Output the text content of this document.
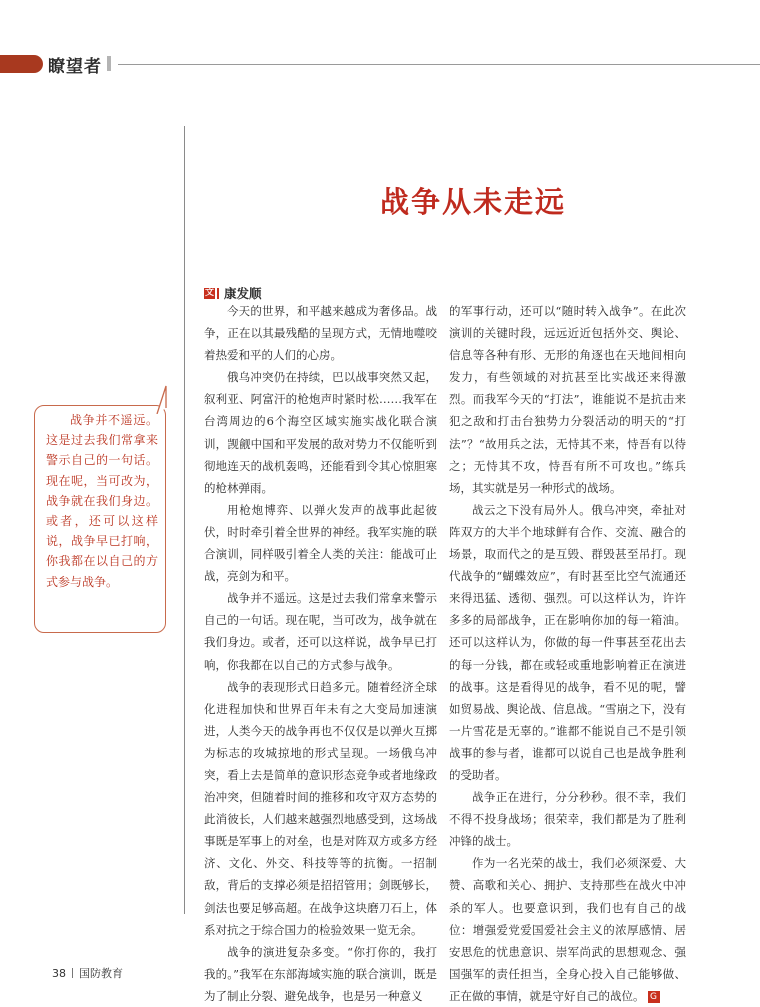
瞭望者
战争从未走远
文 康发顺

今天的世界，和平越来越成为奢侈品。战争，正在以其最残酷的呈现方式，无情地噬咬着热爱和平的人们的心房。

俄乌冲突仍在持续，巴以战事突然又起，叙利亚、阿富汗的枪炮声时紧时松……我军在台湾周边的6个海空区域实施实战化联合演训，觊觎中国和平发展的敌对势力不仅能听到彻地连天的战机轰鸣，还能看到令其心惊胆寒的枪林弹雨。

用枪炮博弈、以弹火发声的战事此起彼伏，时时牵引着全世界的神经。我军实施的联合演训，同样吸引着全人类的关注：能战可止战，亮剑为和平。

战争并不遥远。这是过去我们常拿来警示自己的一句话。现在呢，当可改为，战争就在我们身边。或者，还可以这样说，战争早已打响，你我都在以自己的方式参与战争。

战争的表现形式日趋多元。随着经济全球化进程加快和世界百年未有之大变局加速演进，人类今天的战争再也不仅仅是以弹火互掷为标志的攻城掠地的形式呈现。一场俄乌冲突，看上去是简单的意识形态竞争或者地缘政治冲突，但随着时间的推移和攻守双方态势的此消彼长，人们越来越强烈地感受到，这场战事既是军事上的对垒，也是对阵双方或多方经济、文化、外交、科技等等的抗衡。一招制敌，背后的支撑必须是招招管用；剑既够长，剑法也要足够高超。在战争这块磨刀石上，体系对抗之于综合国力的检验效果一览无余。

战争的演进复杂多变。“你打你的，我打我的。”我军在东部海域实施的联合演训，既是为了制止分裂、避免战争，也是另一种意义

的军事行动，还可以“随时转入战争”。在此次演训的关键时段，远远近近包括外交、舆论、信息等各种有形、无形的角逐也在天地间相向发力，有些领域的对抗甚至比实战还来得激烈。而我军今天的“打法”，谁能说不是抗击来犯之敌和打击台独势力分裂活动的明天的“打法”？“故用兵之法，无恃其不来，恃吾有以待之；无恃其不攻，恃吾有所不可攻也。”练兵场，其实就是另一种形式的战场。

战云之下没有局外人。俄乌冲突，牵扯对阵双方的大半个地球鲜有合作、交流、融合的场景，取而代之的是互毁、群毁甚至吊打。现代战争的“蝴蝶效应”，有时甚至比空气流通还来得迅猛、透彻、强烈。可以这样认为，许许多多的局部战争，正在影响你加的每一箱油。还可以这样认为，你做的每一件事甚至花出去的每一分钱，都在或轻或重地影响着正在演进的战事。这是看得见的战争，看不见的呢，譬如贸易战、舆论战、信息战。“雪崩之下，没有一片雪花是无辜的。”谁都不能说自己不是引领战事的参与者，谁都可以说自己也是战争胜利的受助者。

战争正在进行，分分秒秒。很不幸，我们不得不投身战场；很荣幸，我们都是为了胜利冲锋的战士。

作为一名光荣的战士，我们必须深爱、大赞、高歌和关心、拥护、支持那些在战火中冲杀的军人。也要意识到，我们也有自己的战位：增强爱党爱国爱社会主义的浓厚感情、居安思危的忧患意识、崇军尚武的思想观念、强国强军的责任担当，全身心投入自己能够做、正在做的事情，就是守好自己的战位。 G

战争并不遥远。这是过去我们常拿来警示自己的一句话。现在呢，当可改为，战争就在我们身边。或者，还可以这样说，战争早已打响，你我都在以自己的方式参与战争。
38 国防教育
